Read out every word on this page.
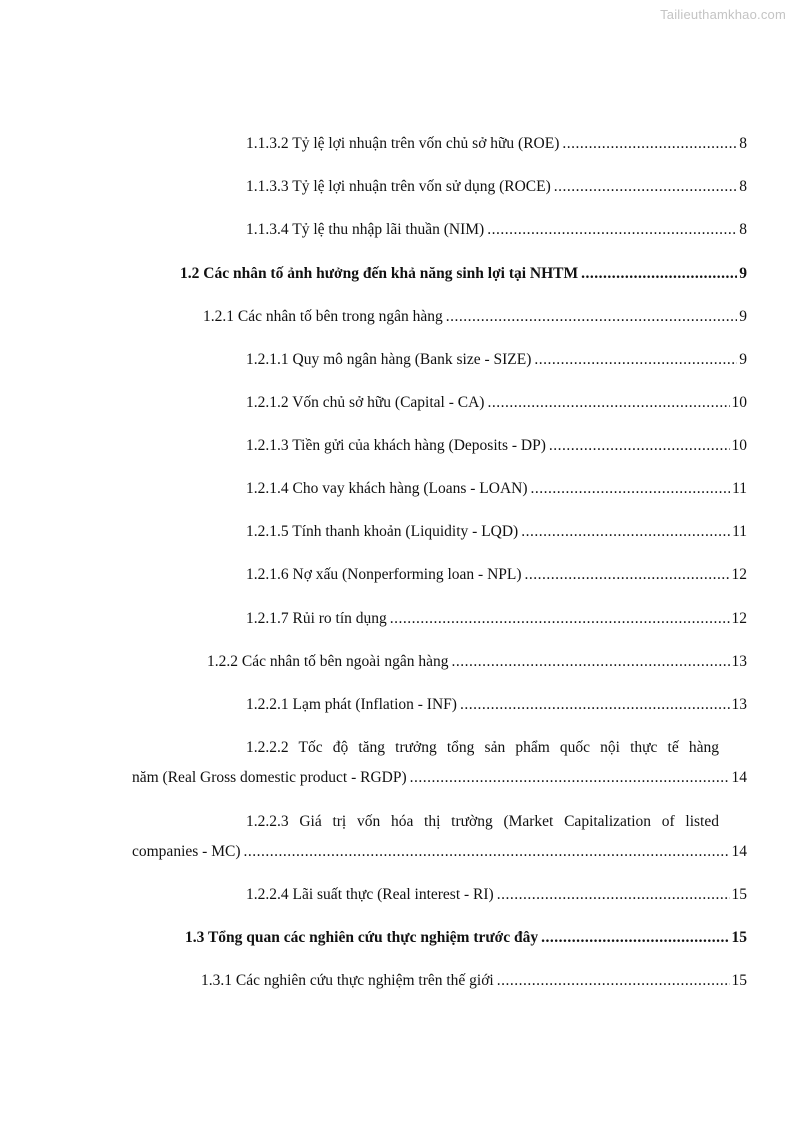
Tailieuthamkhao.com
1.1.3.2 Tỷ lệ lợi nhuận trên vốn chủ sở hữu (ROE) .....	8
1.1.3.3 Tỷ lệ lợi nhuận trên vốn sử dụng (ROCE) .....	8
1.1.3.4 Tỷ lệ thu nhập lãi thuần (NIM) .....	8
1.2 Các nhân tố ảnh hưởng đến khả năng sinh lợi tại NHTM .....	9
1.2.1 Các nhân tố bên trong ngân hàng .....	9
1.2.1.1 Quy mô ngân hàng (Bank size - SIZE) .....	9
1.2.1.2 Vốn chủ sở hữu (Capital - CA) .....	10
1.2.1.3 Tiền gửi của khách hàng (Deposits - DP) .....	10
1.2.1.4 Cho vay khách hàng (Loans - LOAN) .....	11
1.2.1.5 Tính thanh khoản (Liquidity - LQD) .....	11
1.2.1.6 Nợ xấu (Nonperforming loan - NPL) .....	12
1.2.1.7 Rủi ro tín dụng .....	12
1.2.2 Các nhân tố bên ngoài ngân hàng .....	13
1.2.2.1 Lạm phát (Inflation - INF) .....	13
1.2.2.2 Tốc độ tăng trưởng tổng sản phẩm quốc nội thực tế hàng
năm (Real Gross domestic product - RGDP) .....	14
1.2.2.3 Giá trị vốn hóa thị trường (Market Capitalization of listed
companies - MC) .....	14
1.2.2.4 Lãi suất thực (Real interest - RI) .....	15
1.3 Tổng quan các nghiên cứu thực nghiệm trước đây .....	15
1.3.1 Các nghiên cứu thực nghiệm trên thế giới .....	15
